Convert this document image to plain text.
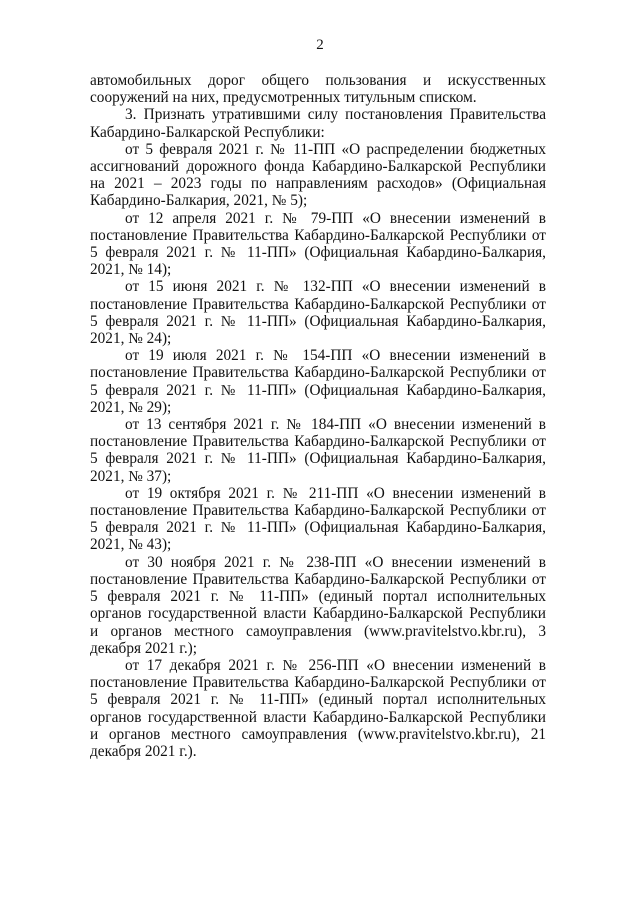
2

автомобильных дорог общего пользования и искусственных сооружений на них, предусмотренных титульным списком.

3. Признать утратившими силу постановления Правительства Кабардино-Балкарской Республики:

от 5 февраля 2021 г. № 11-ПП «О распределении бюджетных ассигнований дорожного фонда Кабардино-Балкарской Республики на 2021 – 2023 годы по направлениям расходов» (Официальная Кабардино-Балкария, 2021, № 5);

от 12 апреля 2021 г. № 79-ПП «О внесении изменений в постановление Правительства Кабардино-Балкарской Республики от 5 февраля 2021 г. № 11-ПП» (Официальная Кабардино-Балкария, 2021, № 14);

от 15 июня 2021 г. № 132-ПП «О внесении изменений в постановление Правительства Кабардино-Балкарской Республики от 5 февраля 2021 г. № 11-ПП» (Официальная Кабардино-Балкария, 2021, № 24);

от 19 июля 2021 г. № 154-ПП «О внесении изменений в постановление Правительства Кабардино-Балкарской Республики от 5 февраля 2021 г. № 11-ПП» (Официальная Кабардино-Балкария, 2021, № 29);

от 13 сентября 2021 г. № 184-ПП «О внесении изменений в постановление Правительства Кабардино-Балкарской Республики от 5 февраля 2021 г. № 11-ПП» (Официальная Кабардино-Балкария, 2021, № 37);

от 19 октября 2021 г. № 211-ПП «О внесении изменений в постановление Правительства Кабардино-Балкарской Республики от 5 февраля 2021 г. № 11-ПП» (Официальная Кабардино-Балкария, 2021, № 43);

от 30 ноября 2021 г. № 238-ПП «О внесении изменений в постановление Правительства Кабардино-Балкарской Республики от 5 февраля 2021 г. № 11-ПП» (единый портал исполнительных органов государственной власти Кабардино-Балкарской Республики и органов местного самоуправления (www.pravitelstvo.kbr.ru), 3 декабря 2021 г.);

от 17 декабря 2021 г. № 256-ПП «О внесении изменений в постановление Правительства Кабардино-Балкарской Республики от 5 февраля 2021 г. № 11-ПП» (единый портал исполнительных органов государственной власти Кабардино-Балкарской Республики и органов местного самоуправления (www.pravitelstvo.kbr.ru), 21 декабря 2021 г.).
